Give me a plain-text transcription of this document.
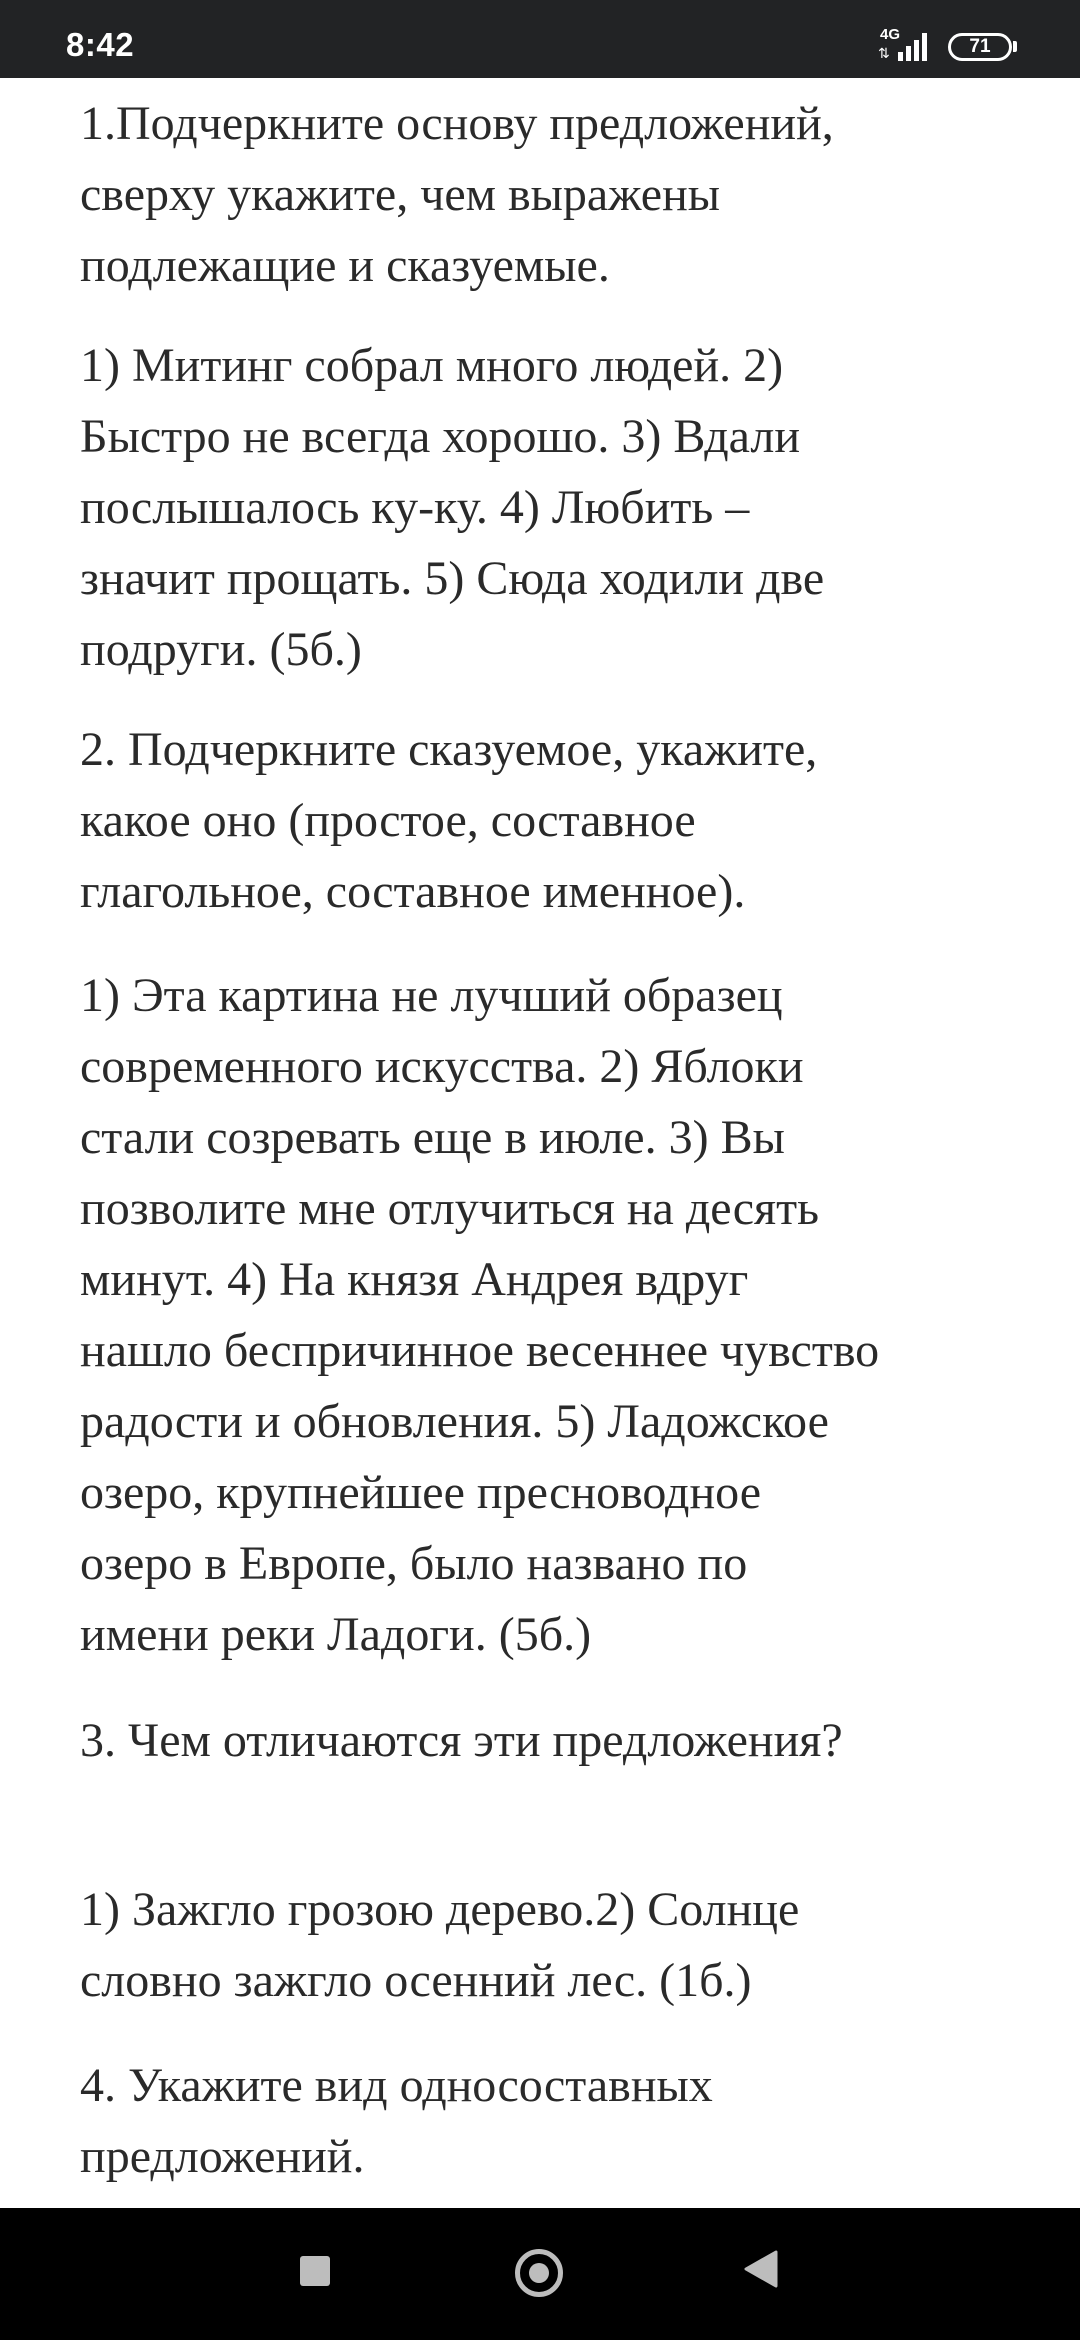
8:42	4G
⇅	71

1.Подчеркните основу предложений,
сверху укажите, чем выражены
подлежащие и сказуемые.

1) Митинг собрал много людей. 2)
Быстро не всегда хорошо. 3) Вдали
послышалось ку-ку. 4) Любить –
значит прощать. 5) Сюда ходили две
подруги. (5б.)

2. Подчеркните сказуемое, укажите,
какое оно (простое, составное
глагольное, составное именное).

1) Эта картина не лучший образец
современного искусства. 2) Яблоки
стали созревать еще в июле. 3) Вы
позволите мне отлучиться на десять
минут. 4) На князя Андрея вдруг
нашло беспричинное весеннее чувство
радости и обновления. 5) Ладожское
озеро, крупнейшее пресноводное
озеро в Европе, было названо по
имени реки Ладоги. (5б.)

3. Чем отличаются эти предложения?

1) Зажгло грозою дерево.2) Солнце
словно зажгло осенний лес. (1б.)

4. Укажите вид односоставных
предложений.
